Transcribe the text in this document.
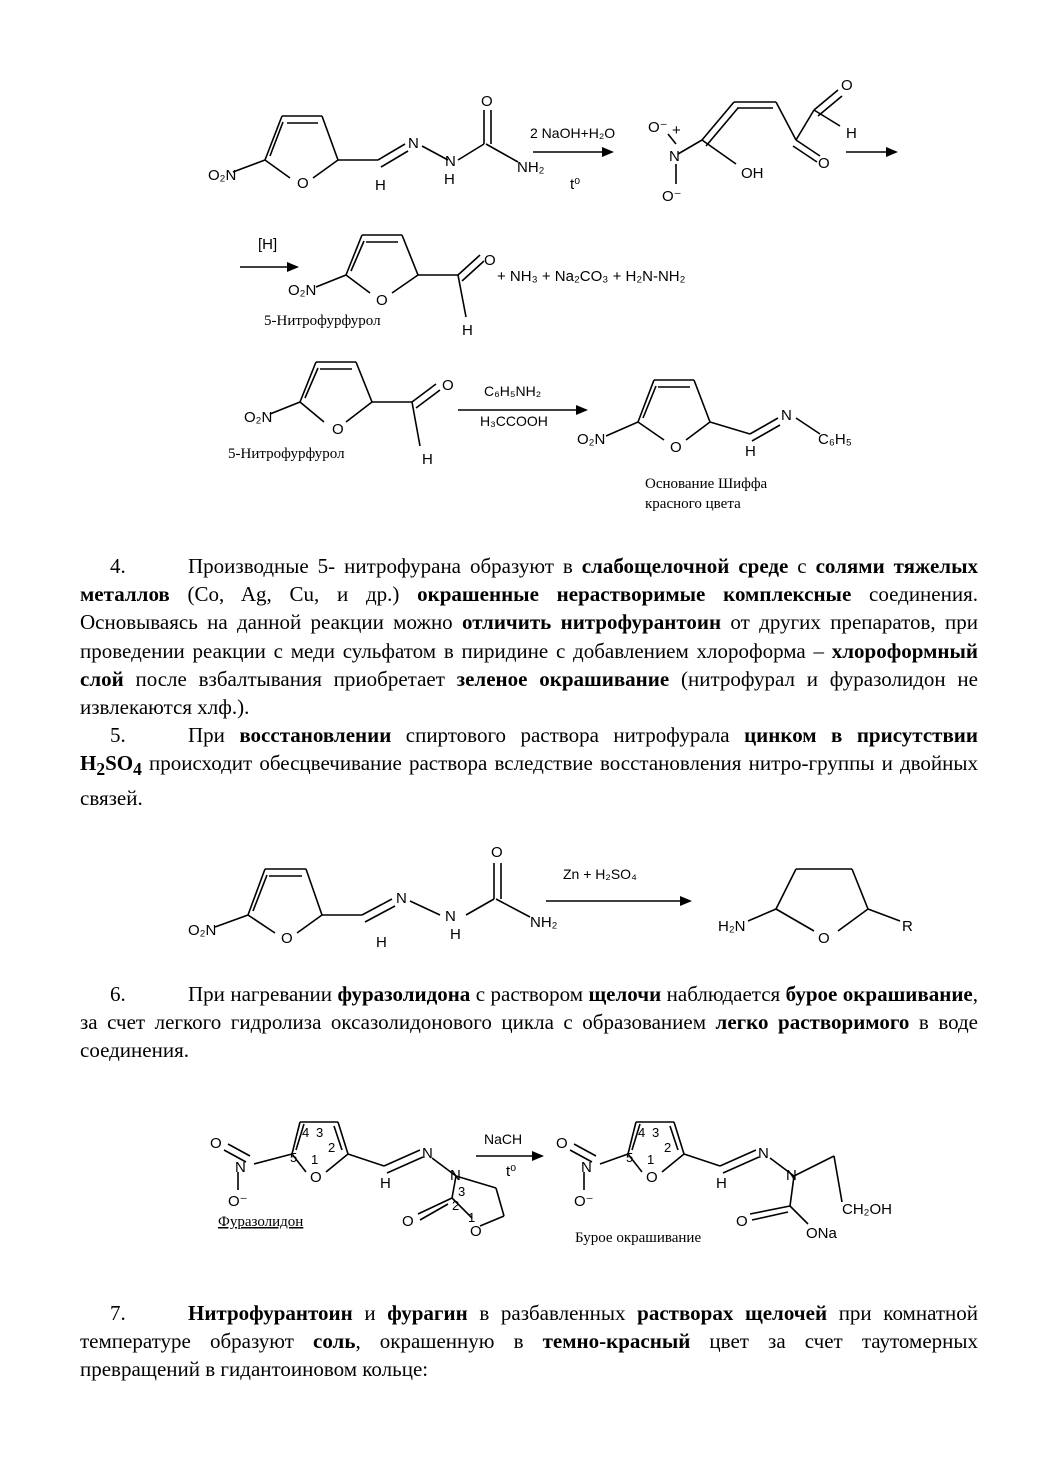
O₂N	O	H
N
N
H
O
NH₂
2 NaOH+H₂O
t⁰
O⁻ +
N
O⁻
OH
O
O
H
[H]
O₂N
O
O
H
5-Нитрофурфурол
+ NH₃ + Na₂CO₃ + H₂N-NH₂
O₂N
O
O
H
5-Нитрофурфурол
C₆H₅NH₂
H₃CCOOH
O₂N	O	H
N
C₆H₅
Основание Шиффа
красного цвета
4.	Производные 5- нитрофурана образуют в слабощелочной среде с солями тяжелых металлов (Co, Ag, Cu, и др.) окрашенные нерастворимые комплексные соединения. Основываясь на данной реакции можно отличить нитрофурантоин от других препаратов, при проведении реакции с меди сульфатом в пиридине с добавлением хлороформа – хлороформный слой после взбалтывания приобретает зеленое окрашивание (нитрофурал и фуразолидон не извлекаются хлф.).
5.	При восстановлении спиртового раствора нитрофурала цинком в присутствии $H_2SO_4$ происходит обесцвечивание раствора вследствие восстановления нитро-группы и двойных связей.
O₂N	O	H
N
N
H
O
NH₂
Zn + H₂SO₄
H₂N
O
R
6.	При нагревании фуразолидона с раствором щелочи наблюдается бурое окрашивание, за счет легкого гидролиза оксазолидонового цикла с образованием легко растворимого в воде соединения.
O
N
O⁻
4 3
5
2
1
O	H
N
N
3
2
1
O
O
Фуразолидон
NaCH
t⁰
O
N
O⁻
4 3
5
2
1
O	H
N
N
O
ONa
CH₂OH
Бурое окрашивание
7.	Нитрофурантоин и фурагин в разбавленных растворах щелочей при комнатной температуре образуют соль, окрашенную в темно-красный цвет за счет таутомерных превращений в гидантоиновом кольце:
